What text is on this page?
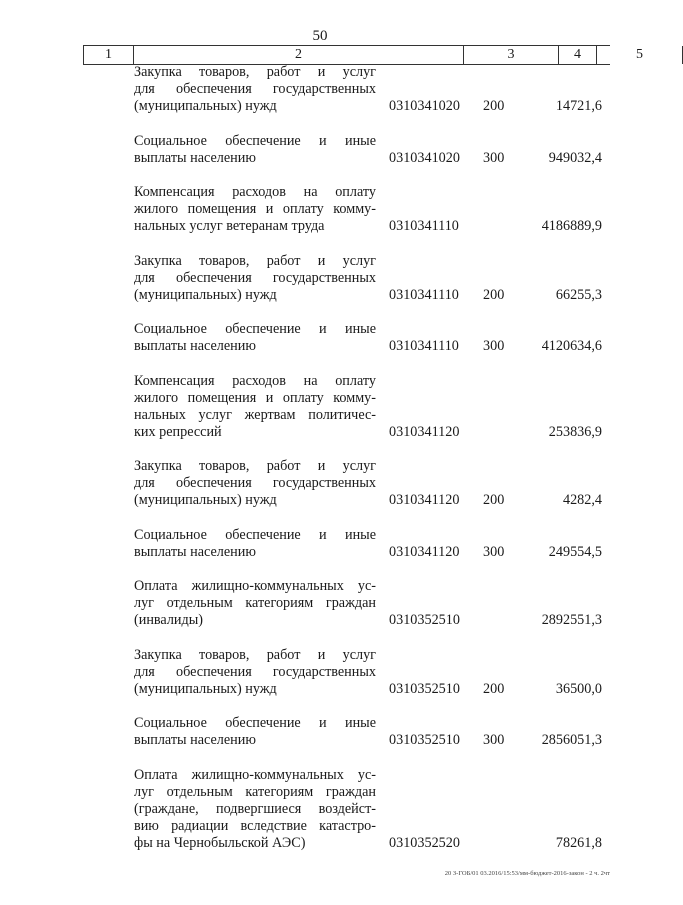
50
1	2	3	4	5
Закупка товаров, работ и услуг
для обеспечения государственных
(муниципальных) нужд	0310341020 200	14721,6
Социальное обеспечение и иные
выплаты населению	0310341020 300	949032,4
Компенсация расходов на оплату
жилого помещения и оплату комму-
нальных услуг ветеранам труда	0310341110	4186889,9
Закупка товаров, работ и услуг
для обеспечения государственных
(муниципальных) нужд	0310341110 200	66255,3
Социальное обеспечение и иные
выплаты населению	0310341110 300	4120634,6
Компенсация расходов на оплату
жилого помещения и оплату комму-
нальных услуг жертвам политичес-
ких репрессий	0310341120	253836,9
Закупка товаров, работ и услуг
для обеспечения государственных
(муниципальных) нужд	0310341120 200	4282,4
Социальное обеспечение и иные
выплаты населению	0310341120 300	249554,5
Оплата жилищно-коммунальных ус-
луг отдельным категориям граждан
(инвалиды)	0310352510	2892551,3
Закупка товаров, работ и услуг
для обеспечения государственных
(муниципальных) нужд	0310352510 200	36500,0
Социальное обеспечение и иные
выплаты населению	0310352510 300	2856051,3
Оплата жилищно-коммунальных ус-
луг отдельным категориям граждан
(граждане, подвергшиеся воздейст-
вию радиации вследствие катастро-
фы на Чернобыльской АЭС)	0310352520	78261,8
20 З-ГОБ/01 03.2016/15:53/мм-бюджет-2016-закон - 2 ч. 2чт
